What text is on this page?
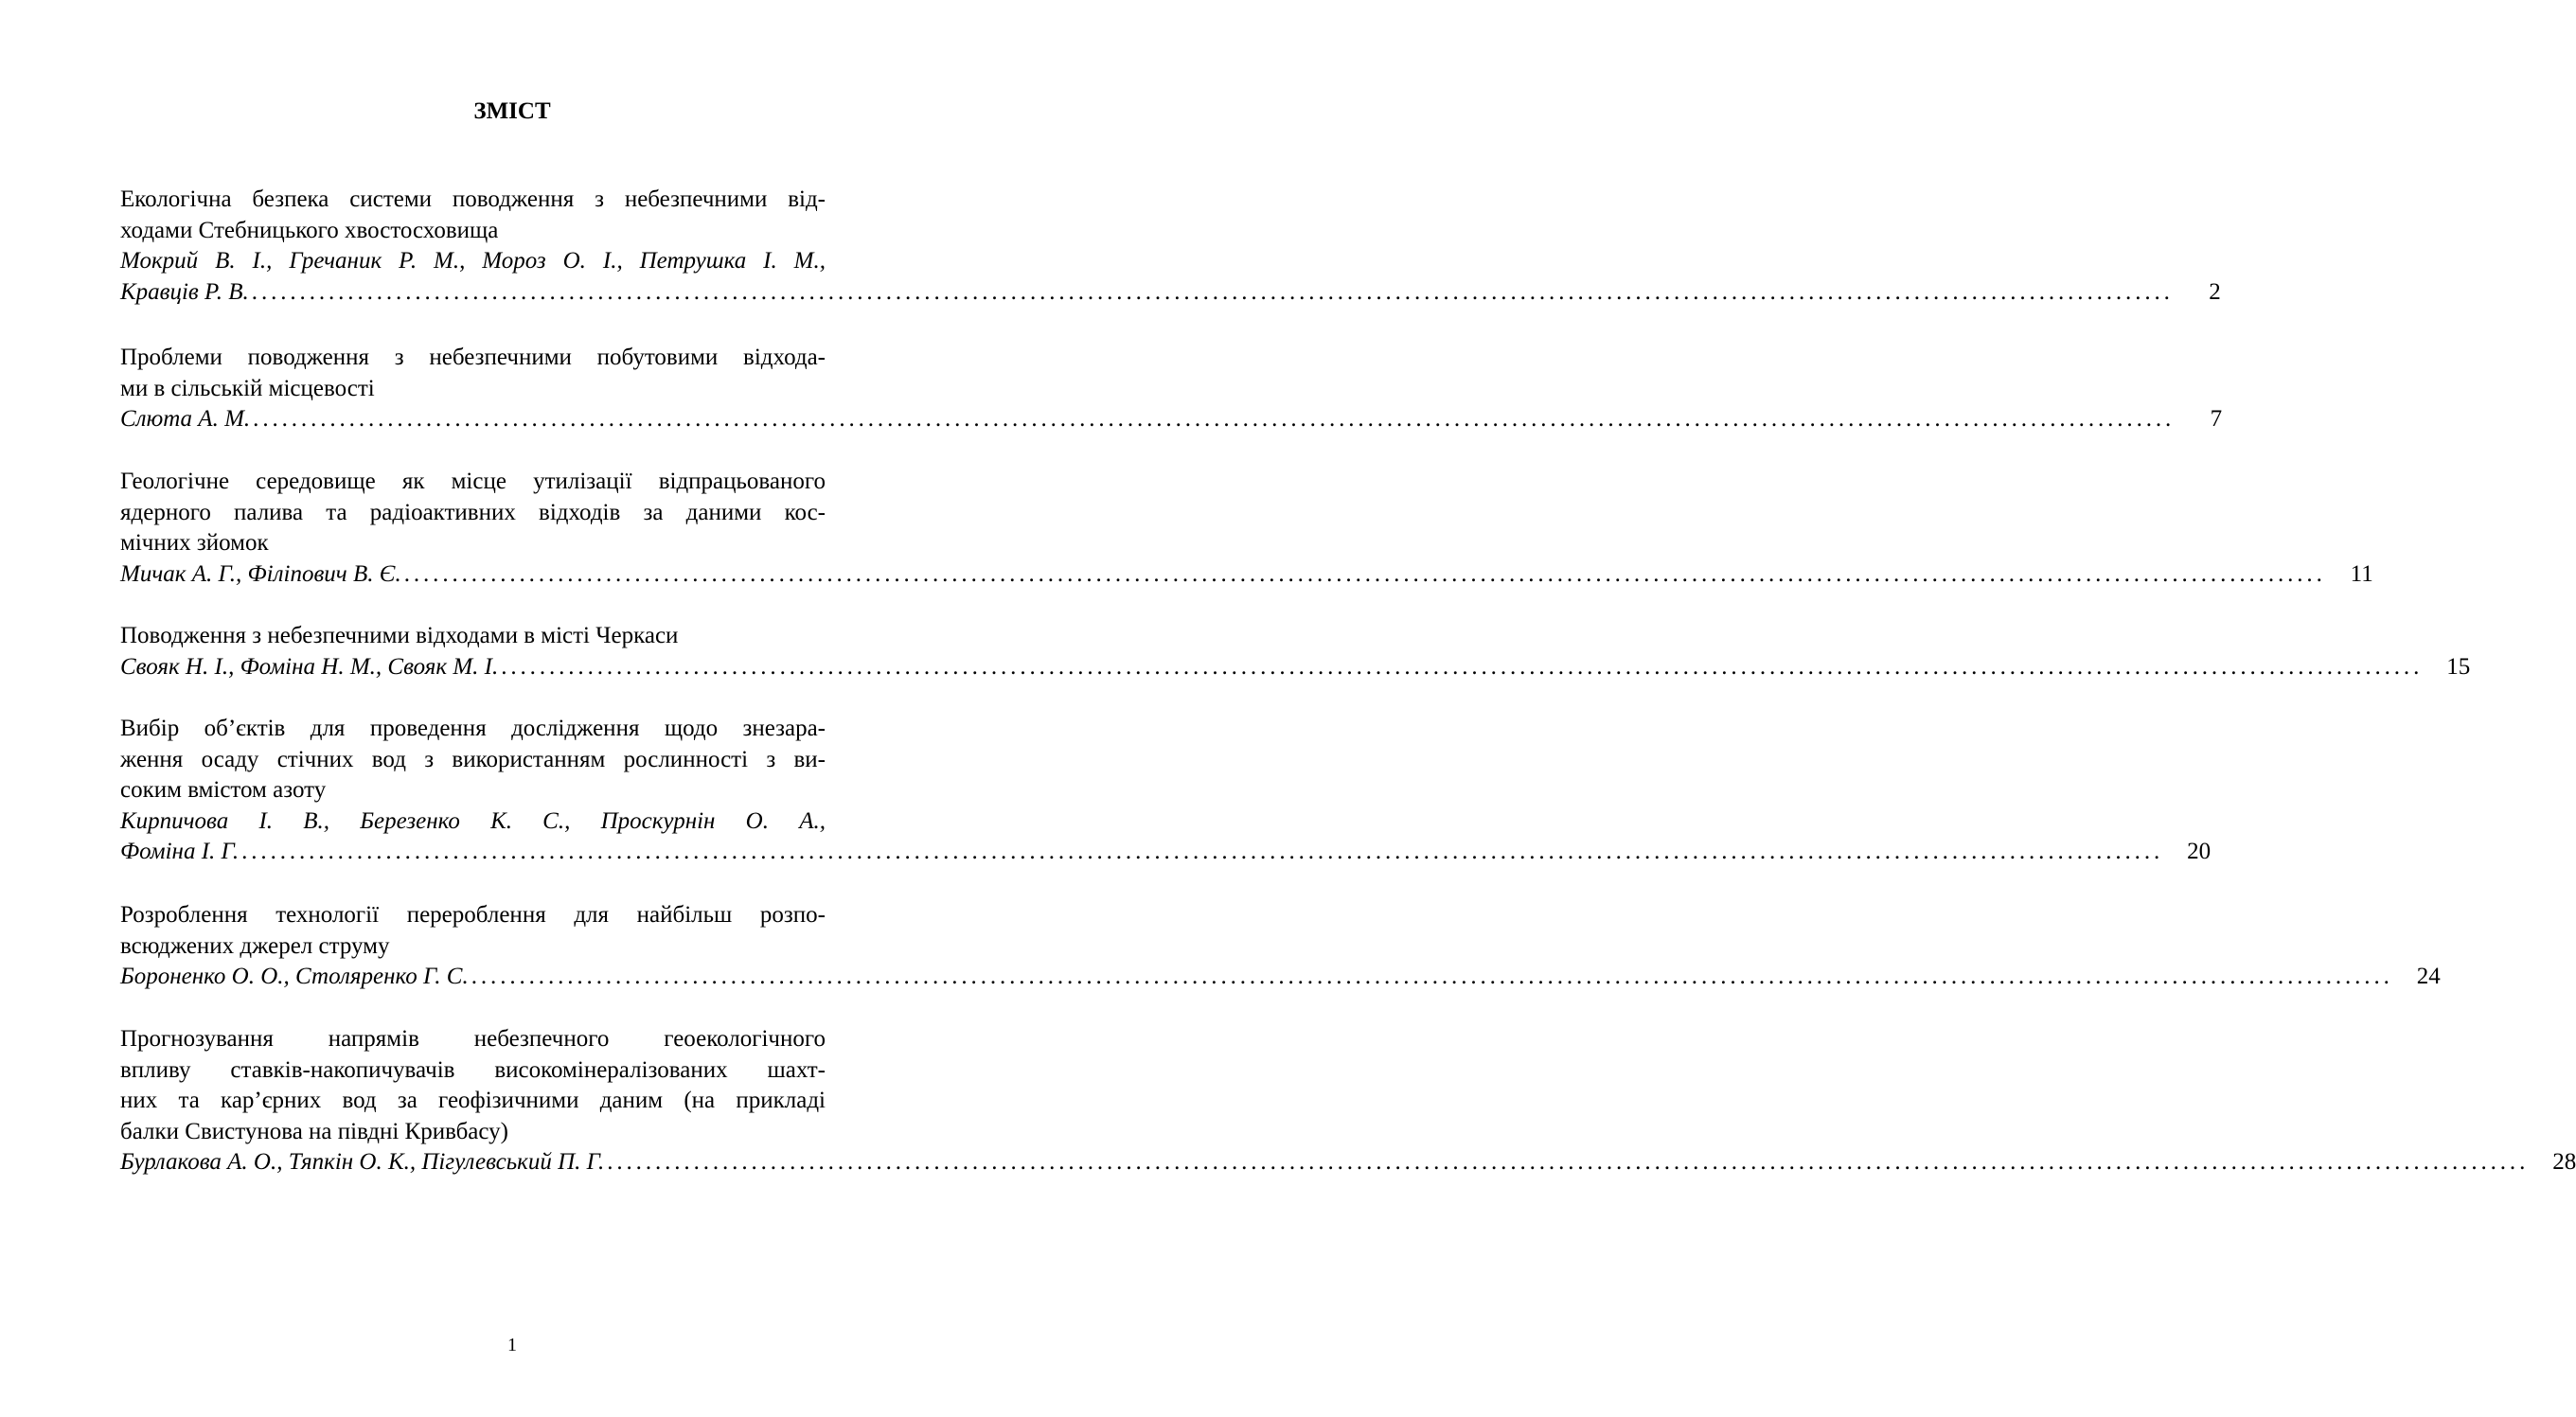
ЗМІСТ
Екологічна безпека системи поводження з небезпечними від-
ходами Стебницького хвостосховища
Мокрий В. І., Гречаник Р. М., Мороз О. І., Петрушка І. М.,
Кравців Р. В. ........................................................................................................................................................................................................	2
Проблеми поводження з небезпечними побутовими відхода-
ми в сільській місцевості
Слюта А. М. ........................................................................................................................................................................................................	7
Геологічне середовище як місце утилізації відпрацьованого
ядерного палива та радіоактивних відходів за даними кос-
мічних зйомок
Мичак А. Г., Філіпович В. Є. ........................................................................................................................................................................................................ 11
Поводження з небезпечними відходами в місті Черкаси
Свояк Н. І., Фоміна Н. М., Свояк М. І. ........................................................................................................................................................................................................ 15
Вибір об’єктів для проведення дослідження щодо знезара-
ження осаду стічних вод з використанням рослинності з ви-
соким вмістом азоту
Кирпичова І. В., Березенко К. С., Проскурнін О. А.,
Фоміна І. Г. ........................................................................................................................................................................................................ 20
Розроблення технології перероблення для найбільш розпо-
всюджених джерел струму
Бороненко О. О., Столяренко Г. С. ........................................................................................................................................................................................................ 24
Прогнозування напрямів небезпечного геоекологічного
впливу ставків-накопичувачів високомінералізованих шахт-
них та кар’єрних вод за геофізичними даним (на прикладі
балки Свистунова на півдні Кривбасу)
Бурлакова А. О., Тяпкін О. К., Пігулевський П. Г. ........................................................................................................................................................................................................ 28
1
